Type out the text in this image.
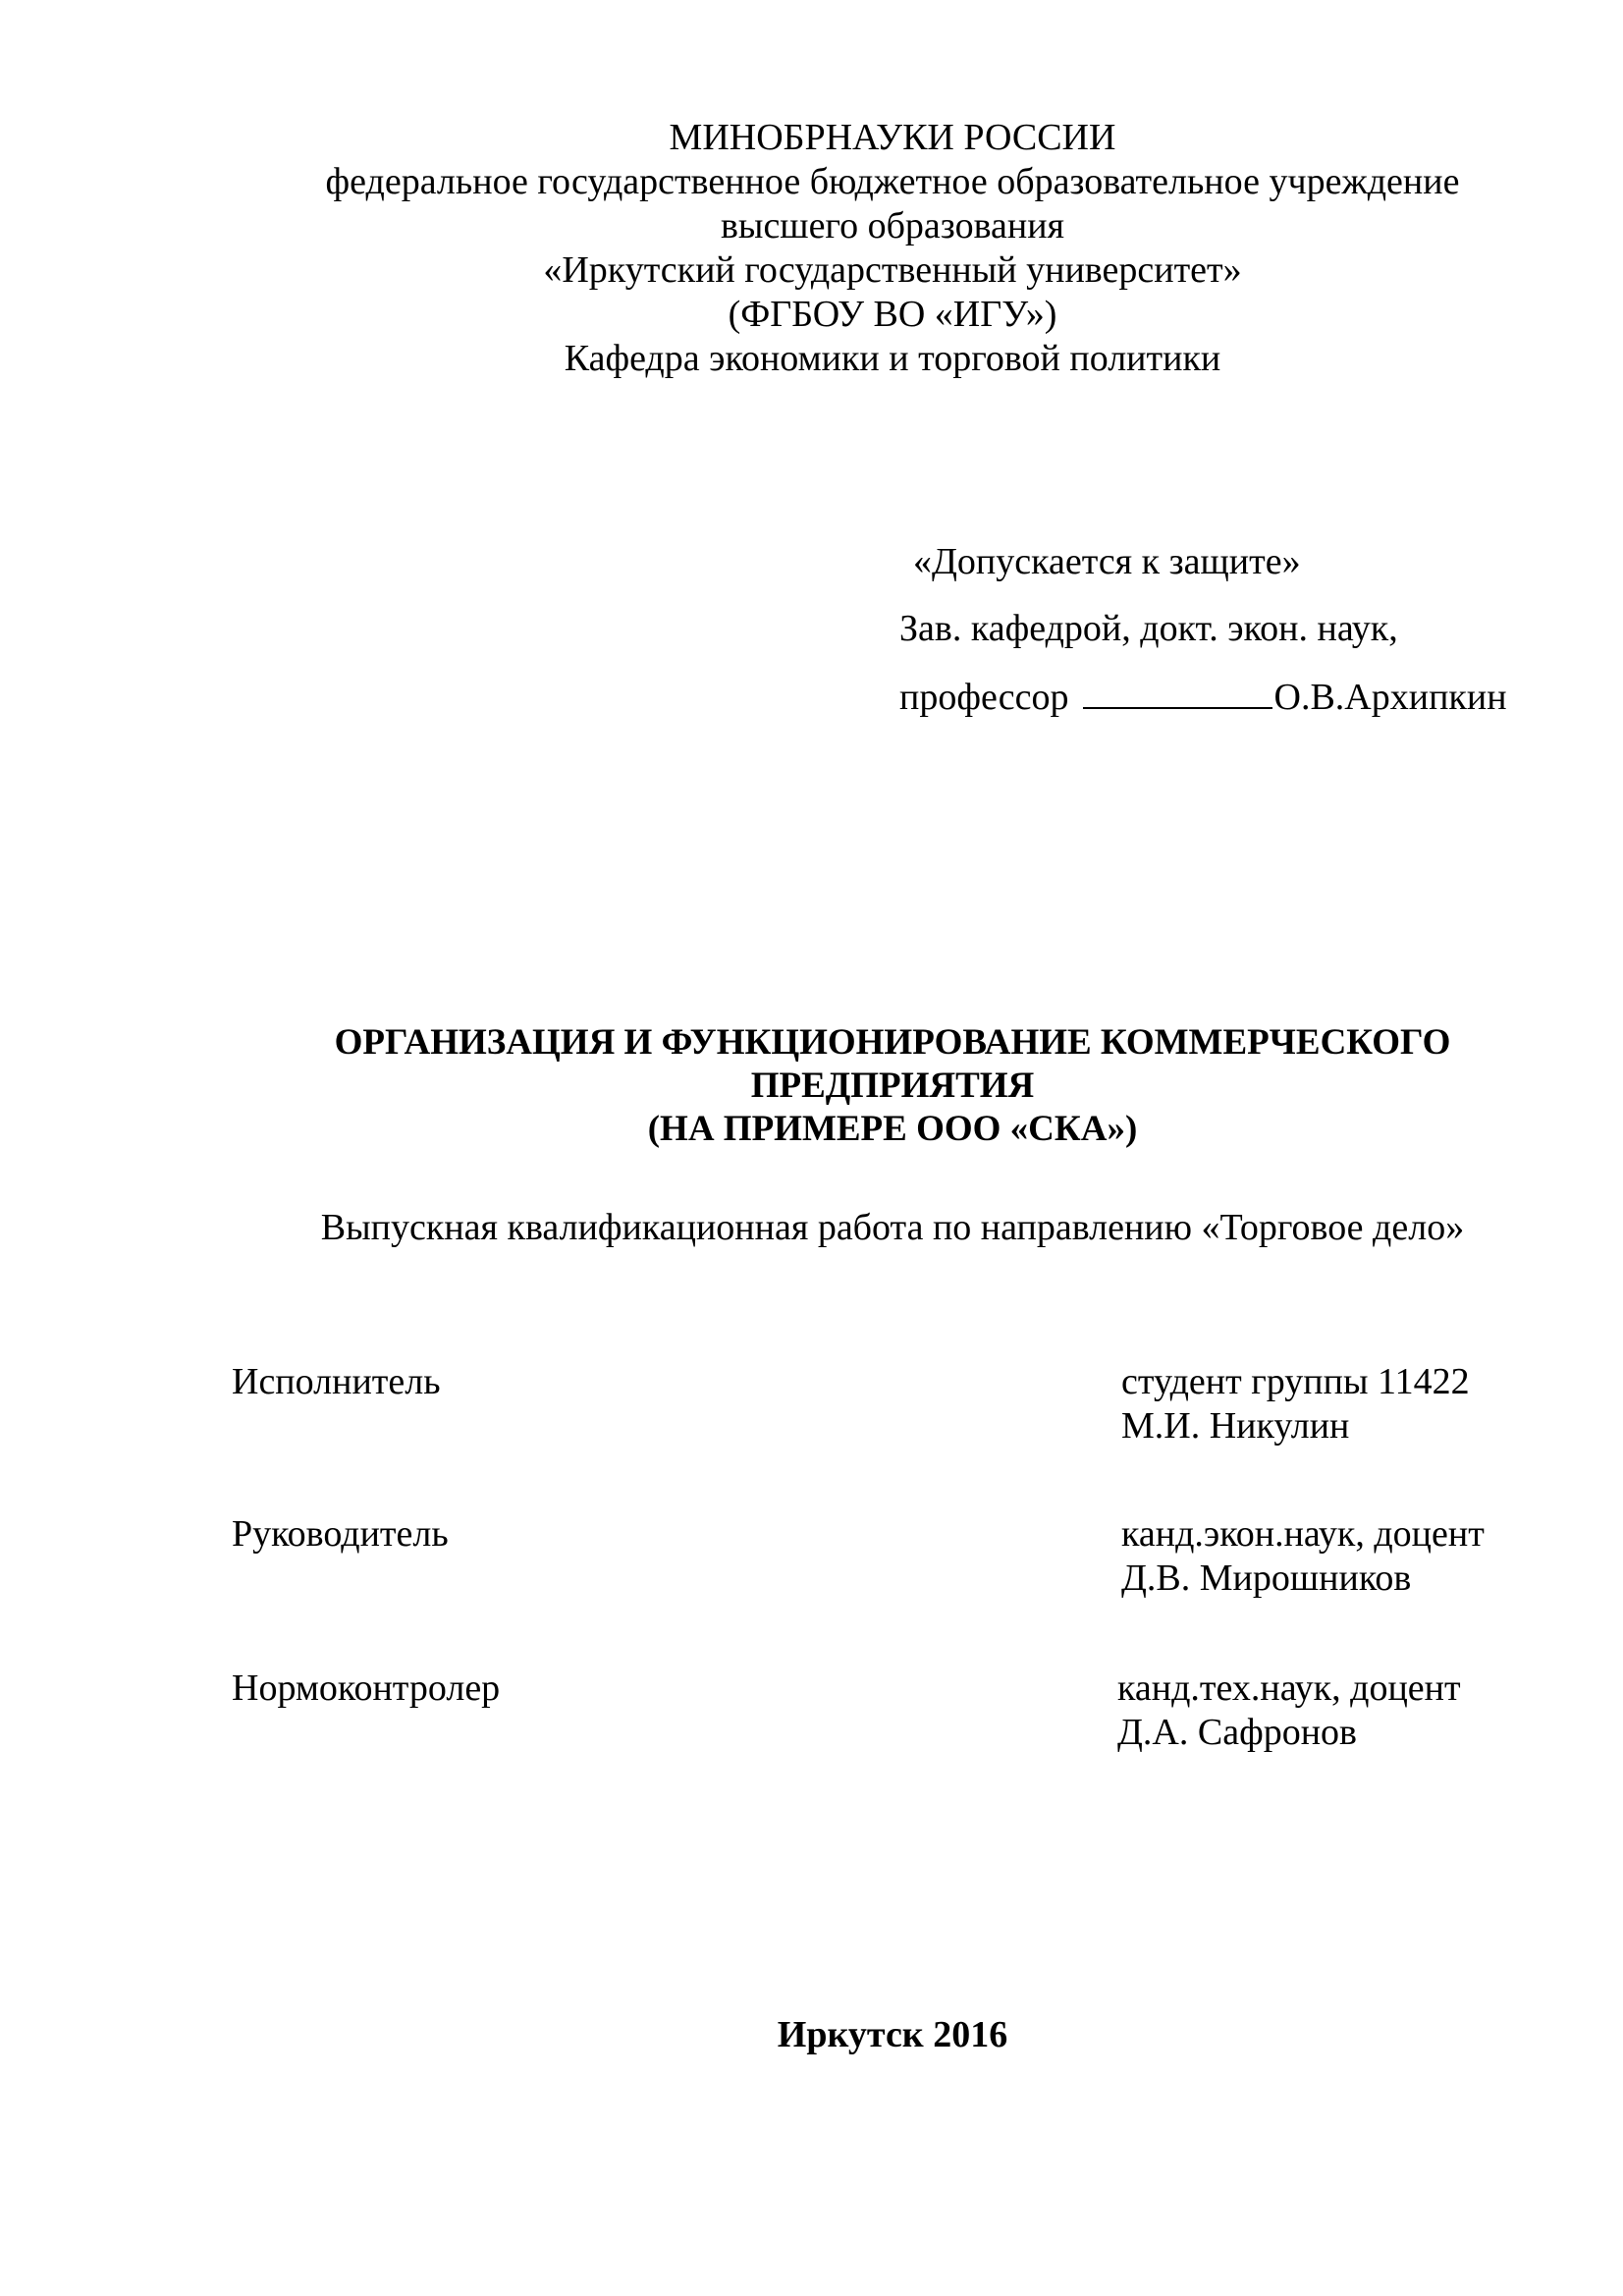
МИНОБРНАУКИ РОССИИ
федеральное государственное бюджетное образовательное учреждение
высшего образования
«Иркутский государственный университет»
(ФГБОУ ВО «ИГУ»)
Кафедра экономики и торговой политики
«Допускается к защите»
Зав. кафедрой, докт. экон. наук,
профессор	О.В.Архипкин
ОРГАНИЗАЦИЯ И ФУНКЦИОНИРОВАНИЕ КОММЕРЧЕСКОГО
ПРЕДПРИЯТИЯ
(НА ПРИМЕРЕ ООО «СКА»)
Выпускная квалификационная работа по направлению «Торговое дело»
Исполнитель	студент группы 11422
М.И. Никулин
Руководитель	канд.экон.наук, доцент
Д.В. Мирошников
Нормоконтролер	канд.тех.наук, доцент
Д.А. Сафронов
Иркутск 2016
